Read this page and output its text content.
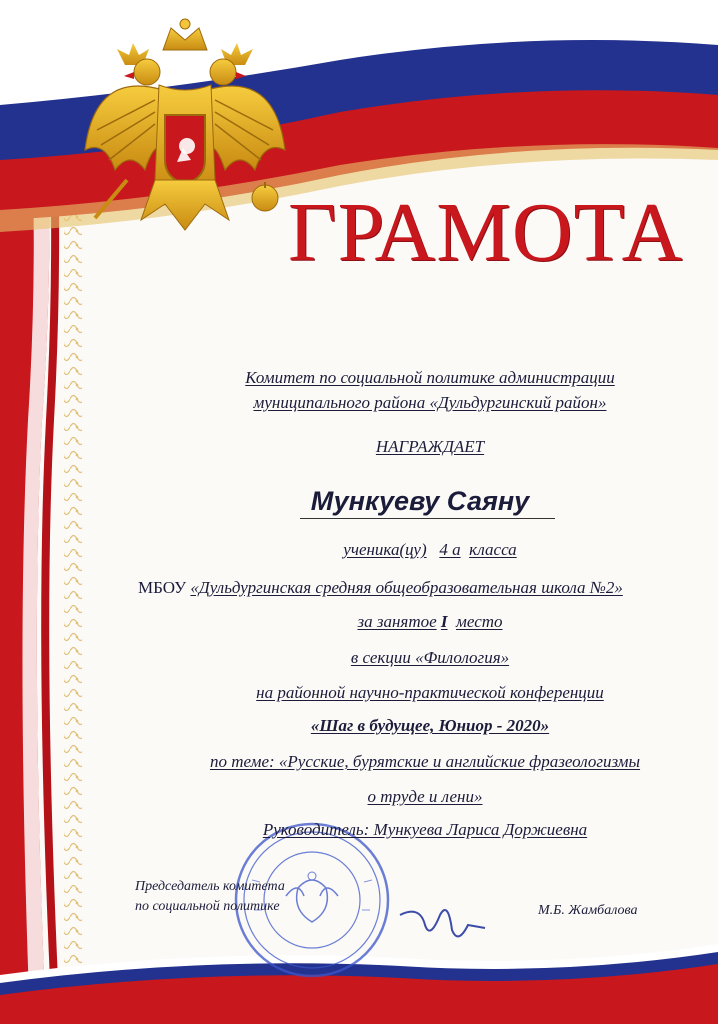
ГРАМОТА
Комитет по социальной политике администрации
муниципального района «Дульдургинский район»
НАГРАЖДАЕТ
Мункуеву Саяну
ученика(цу) 4 а класса
МБОУ «Дульдургинская средняя общеобразовательная школа №2»
за занятое I место
в секции «Филология»
на районной научно-практической конференции
«Шаг в будущее, Юниор - 2020»
по теме: «Русские, бурятские и английские фразеологизмы
о труде и лени»
Руководитель: Мункуева Лариса Доржиевна
Председатель комитета
по социальной политике	М.Б. Жамбалова
